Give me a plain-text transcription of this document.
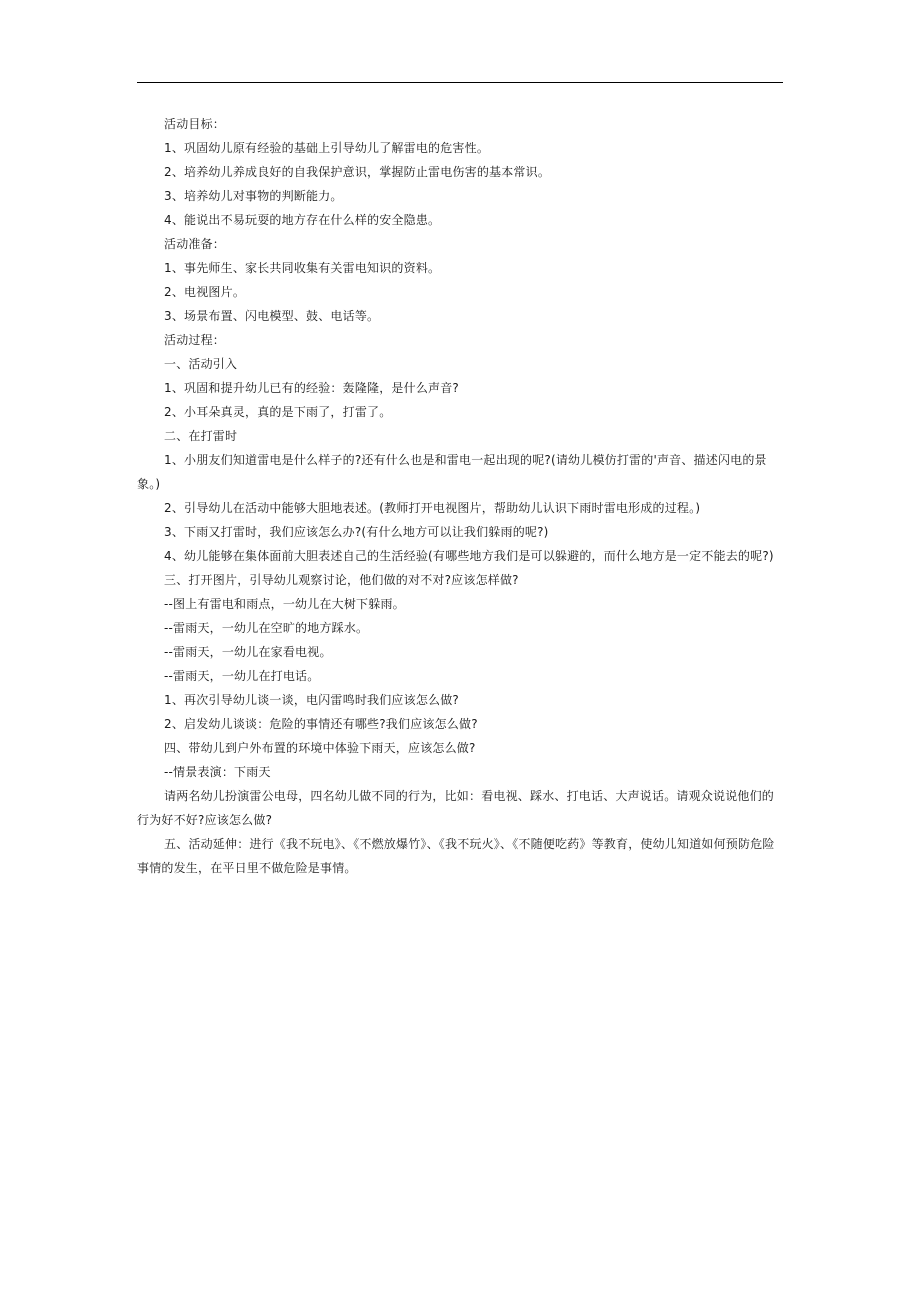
活动目标：
1、巩固幼儿原有经验的基础上引导幼儿了解雷电的危害性。
2、培养幼儿养成良好的自我保护意识，掌握防止雷电伤害的基本常识。
3、培养幼儿对事物的判断能力。
4、能说出不易玩耍的地方存在什么样的安全隐患。
活动准备：
1、事先师生、家长共同收集有关雷电知识的资料。
2、电视图片。
3、场景布置、闪电模型、鼓、电话等。
活动过程：
一、活动引入
1、巩固和提升幼儿已有的经验：轰隆隆，是什么声音?
2、小耳朵真灵，真的是下雨了，打雷了。
二、在打雷时
1、小朋友们知道雷电是什么样子的?还有什么也是和雷电一起出现的呢?(请幼儿模仿打雷的'声音、描述闪电的景象。)
2、引导幼儿在活动中能够大胆地表述。(教师打开电视图片，帮助幼儿认识下雨时雷电形成的过程。)
3、下雨又打雷时，我们应该怎么办?(有什么地方可以让我们躲雨的呢?)
4、幼儿能够在集体面前大胆表述自己的生活经验(有哪些地方我们是可以躲避的，而什么地方是一定不能去的呢?)
三、打开图片，引导幼儿观察讨论，他们做的对不对?应该怎样做?
--图上有雷电和雨点，一幼儿在大树下躲雨。
--雷雨天，一幼儿在空旷的地方踩水。
--雷雨天，一幼儿在家看电视。
--雷雨天，一幼儿在打电话。
1、再次引导幼儿谈一谈，电闪雷鸣时我们应该怎么做?
2、启发幼儿谈谈：危险的事情还有哪些?我们应该怎么做?
四、带幼儿到户外布置的环境中体验下雨天，应该怎么做?
--情景表演：下雨天
请两名幼儿扮演雷公电母，四名幼儿做不同的行为，比如：看电视、踩水、打电话、大声说话。请观众说说他们的行为好不好?应该怎么做?
五、活动延伸：进行《我不玩电》、《不燃放爆竹》、《我不玩火》、《不随便吃药》等教育，使幼儿知道如何预防危险事情的发生，在平日里不做危险是事情。
